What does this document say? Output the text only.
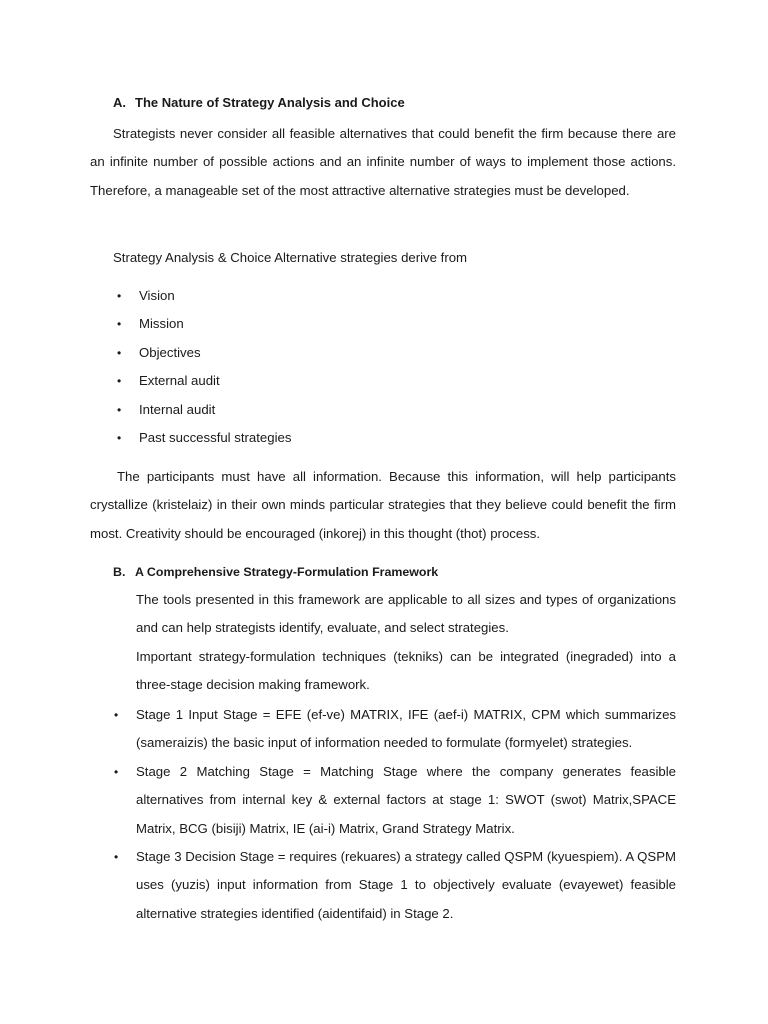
A. The Nature of Strategy Analysis and Choice
Strategists never consider all feasible alternatives that could benefit the firm because there are an infinite number of possible actions and an infinite number of ways to implement those actions. Therefore, a manageable set of the most attractive alternative strategies must be developed.
Strategy Analysis & Choice Alternative strategies derive from
• Vision
• Mission
• Objectives
• External audit
• Internal audit
• Past successful strategies
The participants must have all information. Because this information, will help participants crystallize (kristelaiz) in their own minds particular strategies that they believe could benefit the firm most. Creativity should be encouraged (inkorej) in this thought (thot) process.
B. A Comprehensive Strategy-Formulation Framework
The tools presented in this framework are applicable to all sizes and types of organizations and can help strategists identify, evaluate, and select strategies.
Important strategy-formulation techniques (tekniks) can be integrated (inegraded) into a three-stage decision making framework.
• Stage 1 Input Stage = EFE (ef-ve) MATRIX, IFE (aef-i) MATRIX, CPM which summarizes (sameraizis) the basic input of information needed to formulate (formyelet) strategies.
• Stage 2 Matching Stage = Matching Stage where the company generates feasible alternatives from internal key & external factors at stage 1: SWOT (swot) Matrix,SPACE Matrix, BCG (bisiji) Matrix, IE (ai-i) Matrix, Grand Strategy Matrix.
• Stage 3 Decision Stage = requires (rekuares) a strategy called QSPM (kyuespiem). A QSPM uses (yuzis) input information from Stage 1 to objectively evaluate (evayewet) feasible alternative strategies identified (aidentifaid) in Stage 2.
